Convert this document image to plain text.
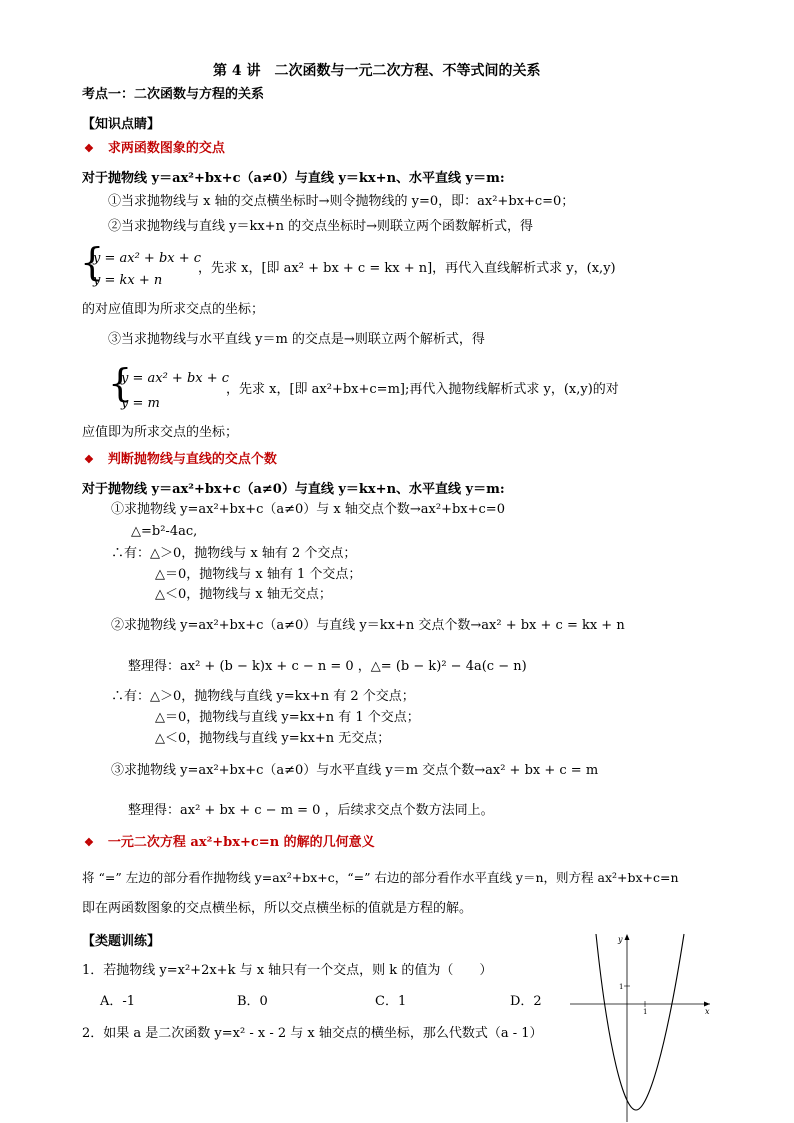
第 4 讲　二次函数与一元二次方程、不等式间的关系
考点一：二次函数与方程的关系
【知识点睛】
❖ 求两函数图象的交点
对于抛物线 y＝ax²+bx+c（a≠0）与直线 y＝kx+n、水平直线 y＝m:
①当求抛物线与 x 轴的交点横坐标时→则令抛物线的 y=0，即：ax²+bx+c=0；
②当求抛物线与直线 y＝kx+n 的交点坐标时→则联立两个函数解析式，得
{
y = ax² + bx + c
y = kx + n
，先求 x，[即 ax² + bx + c = kx + n]，再代入直线解析式求 y，(x,y)
的对应值即为所求交点的坐标；
③当求抛物线与水平直线 y＝m 的交点是→则联立两个解析式，得
{
y = ax² + bx + c
y = m
，先求 x，[即 ax²+bx+c=m];再代入抛物线解析式求 y，(x,y)的对
应值即为所求交点的坐标；
❖ 判断抛物线与直线的交点个数
对于抛物线 y＝ax²+bx+c（a≠0）与直线 y＝kx+n、水平直线 y＝m:
①求抛物线 y=ax²+bx+c（a≠0）与 x 轴交点个数→ax²+bx+c=0
△=b²-4ac,
∴有：△＞0，抛物线与 x 轴有 2 个交点；
△＝0，抛物线与 x 轴有 1 个交点；
△＜0，抛物线与 x 轴无交点；
②求抛物线 y=ax²+bx+c（a≠0）与直线 y＝kx+n 交点个数→ax² + bx + c = kx + n
整理得：ax² + (b − k)x + c − n = 0 ，△= (b − k)² − 4a(c − n)
∴有：△＞0，抛物线与直线 y=kx+n 有 2 个交点；
△＝0，抛物线与直线 y=kx+n 有 1 个交点；
△＜0，抛物线与直线 y=kx+n 无交点；
③求抛物线 y=ax²+bx+c（a≠0）与水平直线 y＝m 交点个数→ax² + bx + c = m
整理得：ax² + bx + c − m = 0 ，后续求交点个数方法同上。
❖ 一元二次方程 ax²+bx+c=n 的解的几何意义
将 “=” 左边的部分看作抛物线 y=ax²+bx+c，“=” 右边的部分看作水平直线 y＝n，则方程 ax²+bx+c=n
即在两函数图象的交点横坐标，所以交点横坐标的值就是方程的解。
【类题训练】
1．若抛物线 y=x²+2x+k 与 x 轴只有一个交点，则 k 的值为（　　）
A．-1	B．0	C．1	D．2
2．如果 a 是二次函数 y=x² - x - 2 与 x 轴交点的横坐标，那么代数式（a - 1）
y
x
1
1
